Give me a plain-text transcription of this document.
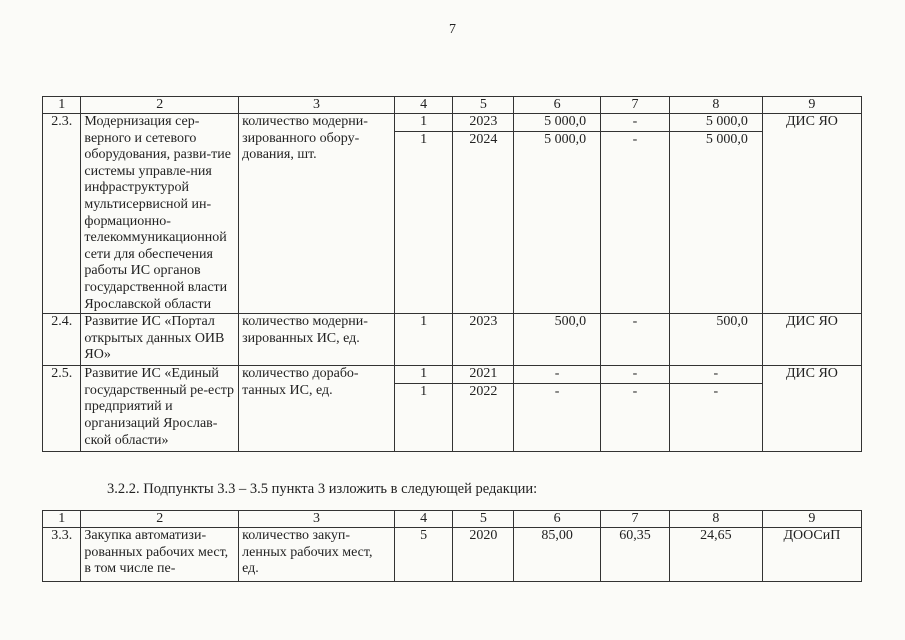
7
1	2	3	4	5	6	7	8	9
2.3.	Модернизация сер-верного и сетевого оборудования, разви-тие системы управле-ния инфраструктурой мультисервисной ин-формационно-телекоммуникационной сети для обеспечения работы ИС органов государственной власти Ярославской области	количество модерни-зированного обору-дования, шт.	1	2023	5 000,0	-	5 000,0	ДИС ЯО
			1	2024	5 000,0	-	5 000,0	
2.4.	Развитие ИС «Портал открытых данных ОИВ ЯО»	количество модерни-зированных ИС, ед.	1	2023	500,0	-	500,0	ДИС ЯО
2.5.	Развитие ИС «Единый государственный ре-естр предприятий и организаций Ярослав-ской области»	количество дорабо-танных ИС, ед.	1	2021	-	-	-	ДИС ЯО
			1	2022	-	-	-	
3.2.2. Подпункты 3.3 – 3.5 пункта 3 изложить в следующей редакции:
1	2	3	4	5	6	7	8	9
3.3.	Закупка автоматизи-рованных рабочих мест, в том числе пе-	количество закуп-ленных рабочих мест, ед.	5	2020	85,00	60,35	24,65	ДООСиП
